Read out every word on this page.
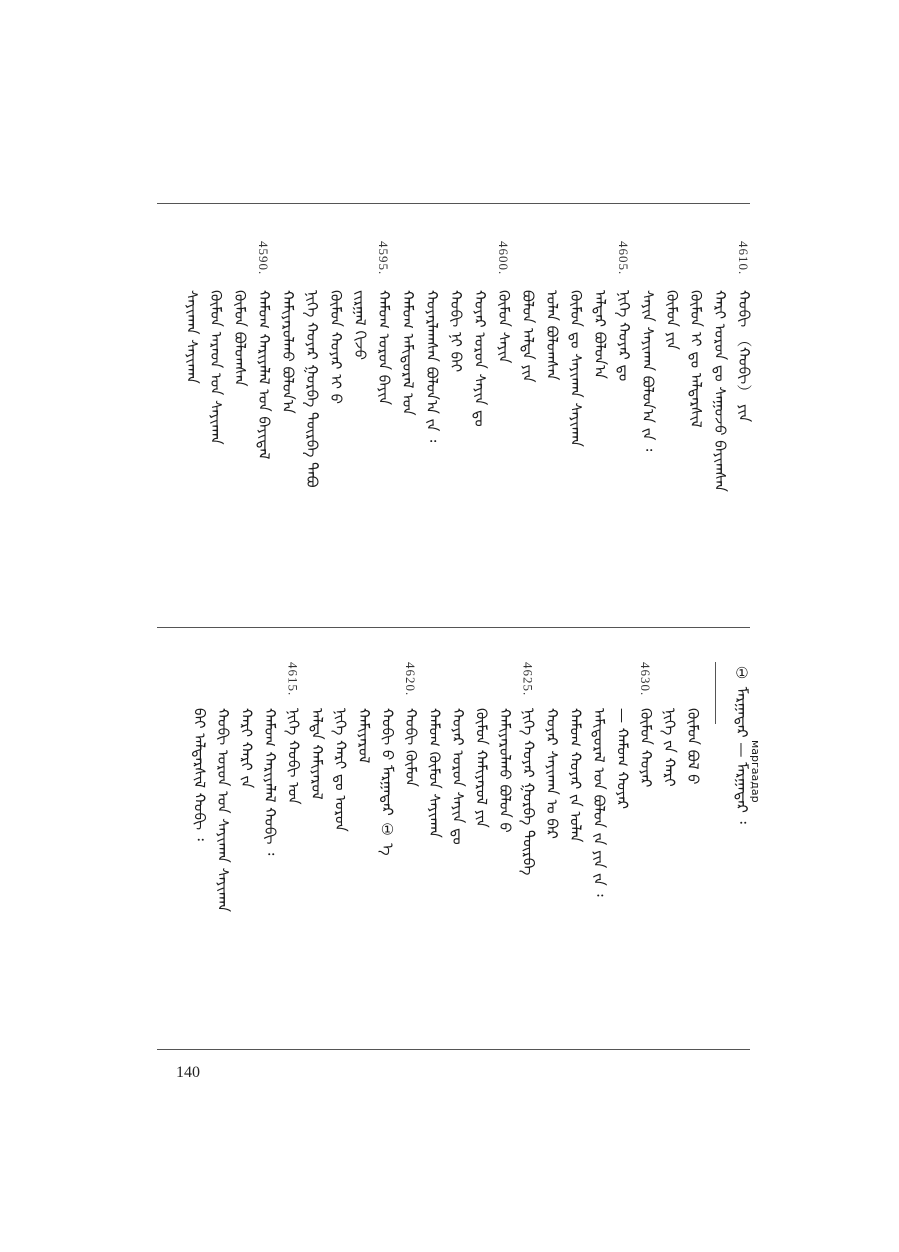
4610.
ᠬᠤᠪᠢ （ᠬᠤᠪᠢ） ᠶᠢᠨ
ᠬᠠᠷᠢ ᠣᠷᠣᠨ ᠳᠤ ᠰᠠᠭᠤᠵᠤ ᠪᠠᠶᠢᠭᠰᠠᠨ
ᠬᠦᠮᠦᠨ ᠢ ᠳᠤ ᠠᠯᠳᠠᠷᠰᠢᠯ
ᠬᠦᠮᠦᠨ ᠶᠢᠨ
ᠰᠠᠶᠢᠨ ᠰᠠᠶᠢᠬᠠᠨ ᠪᠣᠯᠤᠨ᠎ᠠ ᠵᠡ ᠄
4605.
ᠨᠢᠭᠡ ᠬᠣᠶᠠᠷ ᠳᠤ
ᠠᠯᠳᠠᠷ ᠪᠣᠯᠤᠨ᠎ᠠ
ᠬᠦᠮᠦᠨ ᠳᠤ ᠰᠠᠶᠢᠬᠠᠨ ᠰᠠᠶᠢᠬᠠᠨ
ᠣᠯᠠᠨ ᠪᠣᠯᠤᠭᠰᠠᠨ
ᠪᠣᠯᠤᠨ ᠠᠯᠳᠠ ᠶᠢᠨ
4600.
ᠬᠦᠮᠦᠨ ᠰᠠᠶᠢᠨ
ᠬᠣᠶᠠᠷ ᠣᠷᠣᠨ ᠰᠠᠶᠢᠨ ᠳᠤ
ᠬᠣᠪᠢ ᠨᠢ ᠪᠠᠢ
ᠬᠣᠶᠠᠷᠯᠠᠭᠰᠠᠨ ᠪᠣᠯᠤᠨ᠎ᠠ ᠵᠡ ᠄
ᠬᠠᠮᠤᠭ ᠠᠮᠢᠳᠤᠷᠠᠯ ᠤᠨ
4595.
ᠬᠠᠮᠤᠭ ᠣᠷᠣᠨ ᠪᠠᠶᠢᠨ
ᠵᠢᠷᠭᠠᠯ ᠬᠢᠵᠦ
ᠬᠦᠮᠦᠨ ᠬᠣᠶᠠᠷ ᠢ ᠪ
ᠨᠢᠭᠡ ᠬᠣᠶᠠᠷ ᠭᠤᠷᠪᠠ ᠳᠦᠷᠪᠡ ᠲᠠᠪᠤ
ᠬᠠᠮᠢᠶᠠᠷᠤᠯᠬᠤ ᠪᠣᠯᠤᠨ᠎ᠠ
4590.
ᠬᠠᠮᠤᠭ ᠬᠠᠷᠢᠶᠠᠯᠠᠯ ᠤᠨ ᠪᠠᠶᠢᠳᠠᠯ
ᠬᠦᠮᠦᠨ ᠪᠣᠯᠤᠭᠰᠠᠨ
ᠬᠦᠮᠦᠨ ᠠᠷᠠᠳ ᠤᠨ ᠰᠠᠶᠢᠬᠠᠨ
ᠰᠠᠶᠢᠬᠠᠨ ᠰᠠᠶᠢᠬᠠᠨ
ᠬᠦᠮᠦᠨ ᠪᠣᠯ ᠪ
ᠨᠢᠭᠡ ᠵᠡ ᠬᠠᠷᠢ
4630.
ᠬᠦᠮᠦᠨ ᠬᠣᠶᠠᠷ
— ᠬᠠᠮᠤᠭ ᠬᠣᠶᠠᠷ
ᠠᠮᠢᠳᠤᠷᠠᠯ ᠤᠨ ᠪᠣᠯᠤᠨ ᠵᠡ ᠶᠢᠨ ᠵᠡ ᠄
ᠬᠠᠮᠤᠭ ᠬᠣᠶᠠᠷ ᠵᠡ ᠣᠯᠠᠨ
ᠬᠣᠶᠠᠷ ᠰᠠᠶᠢᠬᠠᠨ ᠤ ᠪᠠᠷ
4625.
ᠨᠢᠭᠡ ᠬᠣᠶᠠᠷ ᠭᠤᠷᠪᠠ ᠳᠦᠷᠪᠡ
ᠬᠠᠮᠢᠶᠠᠷᠤᠯᠬᠤ ᠪᠣᠯᠤᠨ ᠪ
ᠬᠦᠮᠦᠨ ᠬᠠᠮᠢᠶᠠᠷᠤᠯ ᠶᠢᠨ
ᠬᠣᠶᠠᠷ ᠣᠷᠣᠨ ᠰᠠᠶᠢᠨ ᠳᠤ
ᠬᠠᠮᠤᠭ ᠬᠦᠮᠦᠨ ᠰᠠᠶᠢᠬᠠᠨ
4620.
ᠬᠣᠪᠢ ᠬᠦᠮᠦᠨ
ᠬᠣᠪᠢ ᠪ ᠮᠠᠷᠭᠠᠳᠠᠷ ① ᠡ
ᠬᠠᠮᠢᠶᠠᠷᠤᠯ
ᠨᠢᠭᠡ ᠬᠠᠷᠢ ᠳᠤ ᠣᠷᠣᠨ
ᠠᠯᠳᠠ ᠬᠠᠮᠢᠶᠠᠷᠤᠯ
4615.
ᠨᠢᠭᠡ ᠬᠣᠪᠢ ᠤᠨ
ᠬᠠᠮᠤᠭ ᠬᠠᠷᠢᠶᠠᠯᠠᠯ ᠬᠣᠪᠢ ᠄
ᠬᠠᠷᠢ ᠬᠠᠷᠢ ᠵᠡ
ᠬᠣᠪᠢ ᠣᠷᠣᠨ ᠤᠨ ᠰᠠᠶᠢᠬᠠᠨ ᠰᠠᠶᠢᠬᠠᠨ
ᠪᠠᠢ ᠠᠯᠳᠠᠷᠰᠢᠯ ᠬᠣᠪᠢ ᠄
① ᠮᠠᠷᠭᠠᠳᠠᠷ — ᠮᠠᠷᠭᠠᠳᠠᠷ ᠄
маргаадар
140
